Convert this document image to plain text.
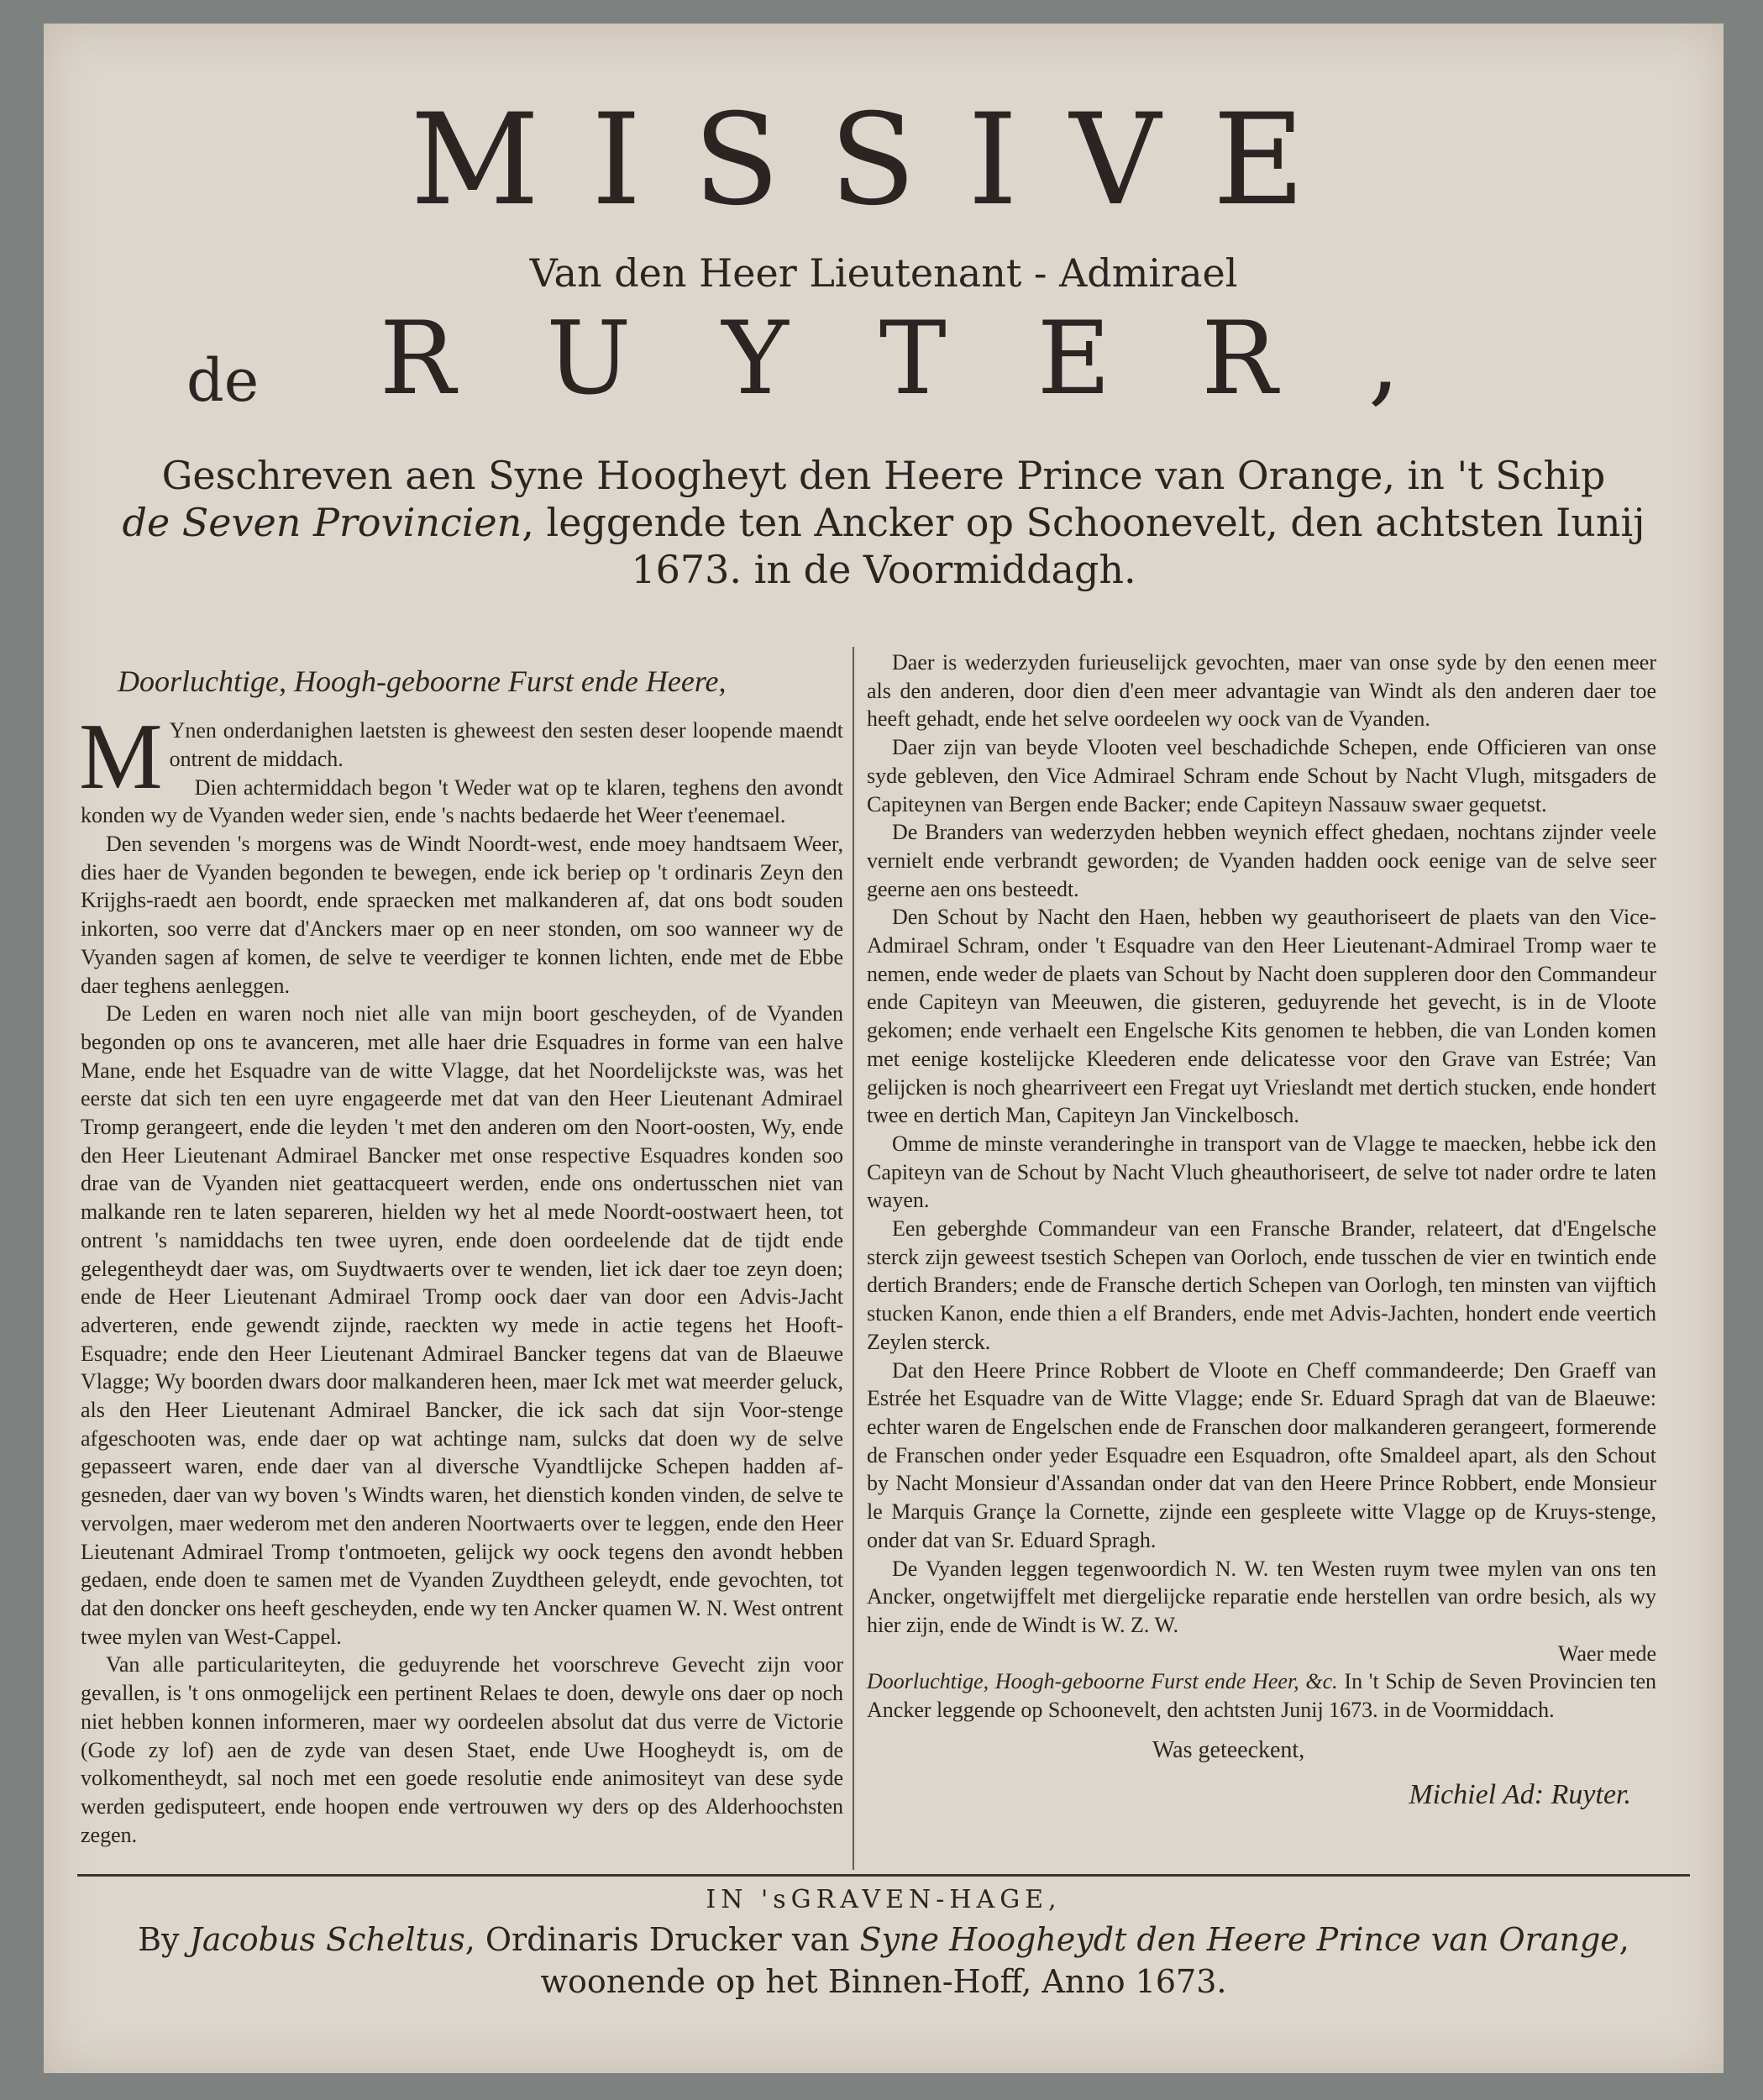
MISSIVE
Van den Heer Lieutenant - Admirael
de RUYTER,
Geschreven aen Syne Hoogheyt den Heere Prince van Orange, in 't Schip
de Seven Provincien, leggende ten Ancker op Schoonevelt, den achtsten Iunij
1673. in de Voormiddagh.
Doorluchtige, Hoogh-geboorne Furst ende Heere,

M Ynen onderdanighen laetsten is gheweest den sesten deser loopende maendt ontrent de middach.

Dien achtermiddach begon 't Weder wat op te klaren, teghens den avondt konden wy de Vyanden weder sien, ende 's nachts bedaerde het Weer t'eenemael.

Den sevenden 's morgens was de Windt Noordt-west, ende moey handtsaem Weer, dies haer de Vyanden begonden te bewegen, ende ick beriep op 't ordinaris Zeyn den Krijghs-raedt aen boordt, ende spraecken met malkanderen af, dat ons bodt souden inkorten, soo verre dat d'Anckers maer op en neer stonden, om soo wanneer wy de Vyanden sagen af komen, de selve te veerdiger te konnen lichten, ende met de Ebbe daer teghens aenleggen.

De Leden en waren noch niet alle van mijn boort gescheyden, of de Vyanden begonden op ons te avanceren, met alle haer drie Esquadres in forme van een halve Mane, ende het Esquadre van de witte Vlagge, dat het Noordelijckste was, was het eerste dat sich ten een uyre engageerde met dat van den Heer Lieutenant Admirael Tromp gerangeert, ende die leyden 't met den anderen om den Noort-oosten, Wy, ende den Heer Lieutenant Admirael Bancker met onse respective Esquadres konden soo drae van de Vyanden niet geattacqueert werden, ende ons ondertusschen niet van malkande ren te laten separeren, hielden wy het al mede Noordt-oostwaert heen, tot ontrent 's namiddachs ten twee uyren, ende doen oordeelende dat de tijdt ende gelegentheydt daer was, om Suydtwaerts over te wenden, liet ick daer toe zeyn doen; ende de Heer Lieutenant Admirael Tromp oock daer van door een Advis-Jacht adverteren, ende gewendt zijnde, raeckten wy mede in actie tegens het Hooft-Esquadre; ende den Heer Lieutenant Admirael Bancker tegens dat van de Blaeuwe Vlagge; Wy boorden dwars door malkanderen heen, maer Ick met wat meerder geluck, als den Heer Lieutenant Admirael Bancker, die ick sach dat sijn Voor-stenge afgeschooten was, ende daer op wat achtinge nam, sulcks dat doen wy de selve gepasseert waren, ende daer van al diversche Vyandtlijcke Schepen hadden af-gesneden, daer van wy boven 's Windts waren, het dienstich konden vinden, de selve te vervolgen, maer wederom met den anderen Noortwaerts over te leggen, ende den Heer Lieutenant Admirael Tromp t'ontmoeten, gelijck wy oock tegens den avondt hebben gedaen, ende doen te samen met de Vyanden Zuydtheen geleydt, ende gevochten, tot dat den doncker ons heeft gescheyden, ende wy ten Ancker quamen W. N. West ontrent twee mylen van West-Cappel.

Van alle particulariteyten, die geduyrende het voorschreve Gevecht zijn voor gevallen, is 't ons onmogelijck een pertinent Relaes te doen, dewyle ons daer op noch niet hebben konnen informeren, maer wy oordeelen absolut dat dus verre de Victorie (Gode zy lof) aen de zyde van desen Staet, ende Uwe Hoogheydt is, om de volkomentheydt, sal noch met een goede resolutie ende animositeyt van dese syde werden gedisputeert, ende hoopen ende vertrouwen wy ders op des Alderhoochsten zegen.

Daer is wederzyden furieuselijck gevochten, maer van onse syde by den eenen meer als den anderen, door dien d'een meer advantagie van Windt als den anderen daer toe heeft gehadt, ende het selve oordeelen wy oock van de Vyanden.

Daer zijn van beyde Vlooten veel beschadichde Schepen, ende Officieren van onse syde gebleven, den Vice Admirael Schram ende Schout by Nacht Vlugh, mitsgaders de Capiteynen van Bergen ende Backer; ende Capiteyn Nassauw swaer gequetst.

De Branders van wederzyden hebben weynich effect ghedaen, nochtans zijnder veele vernielt ende verbrandt geworden; de Vyanden hadden oock eenige van de selve seer geerne aen ons besteedt.

Den Schout by Nacht den Haen, hebben wy geauthoriseert de plaets van den Vice-Admirael Schram, onder 't Esquadre van den Heer Lieutenant-Admirael Tromp waer te nemen, ende weder de plaets van Schout by Nacht doen suppleren door den Commandeur ende Capiteyn van Meeuwen, die gisteren, geduyrende het gevecht, is in de Vloote gekomen; ende verhaelt een Engelsche Kits genomen te hebben, die van Londen komen met eenige kostelijcke Kleederen ende delicatesse voor den Grave van Estrée; Van gelijcken is noch ghearriveert een Fregat uyt Vrieslandt met dertich stucken, ende hondert twee en dertich Man, Capiteyn Jan Vinckelbosch.

Omme de minste veranderinghe in transport van de Vlagge te maecken, hebbe ick den Capiteyn van de Schout by Nacht Vluch gheauthoriseert, de selve tot nader ordre te laten wayen.

Een geberghde Commandeur van een Fransche Brander, relateert, dat d'Engelsche sterck zijn geweest tsestich Schepen van Oorloch, ende tusschen de vier en twintich ende dertich Branders; ende de Fransche dertich Schepen van Oorlogh, ten minsten van vijftich stucken Kanon, ende thien a elf Branders, ende met Advis-Jachten, hondert ende veertich Zeylen sterck.

Dat den Heere Prince Robbert de Vloote en Cheff commandeerde; Den Graeff van Estrée het Esquadre van de Witte Vlagge; ende Sr. Eduard Spragh dat van de Blaeuwe: echter waren de Engelschen ende de Franschen door malkanderen gerangeert, formerende de Franschen onder yeder Esquadre een Esquadron, ofte Smaldeel apart, als den Schout by Nacht Monsieur d'Assandan onder dat van den Heere Prince Robbert, ende Monsieur le Marquis Grançe la Cornette, zijnde een gespleete witte Vlagge op de Kruys-stenge, onder dat van Sr. Eduard Spragh.

De Vyanden leggen tegenwoordich N. W. ten Westen ruym twee mylen van ons ten Ancker, ongetwijffelt met diergelijcke reparatie ende herstellen van ordre besich, als wy hier zijn, ende de Windt is W. Z. W.

Waer mede

Doorluchtige, Hoogh-geboorne Furst ende Heer, &c. In 't Schip de Seven Provincien ten Ancker leggende op Schoonevelt, den achtsten Junij 1673. in de Voormiddach.

Was geteeckent,

Michiel Ad: Ruyter.
IN 'sGRAVEN-HAGE,
By Jacobus Scheltus, Ordinaris Drucker van Syne Hoogheydt den Heere Prince van Orange,
woonende op het Binnen-Hoff, Anno 1673.
